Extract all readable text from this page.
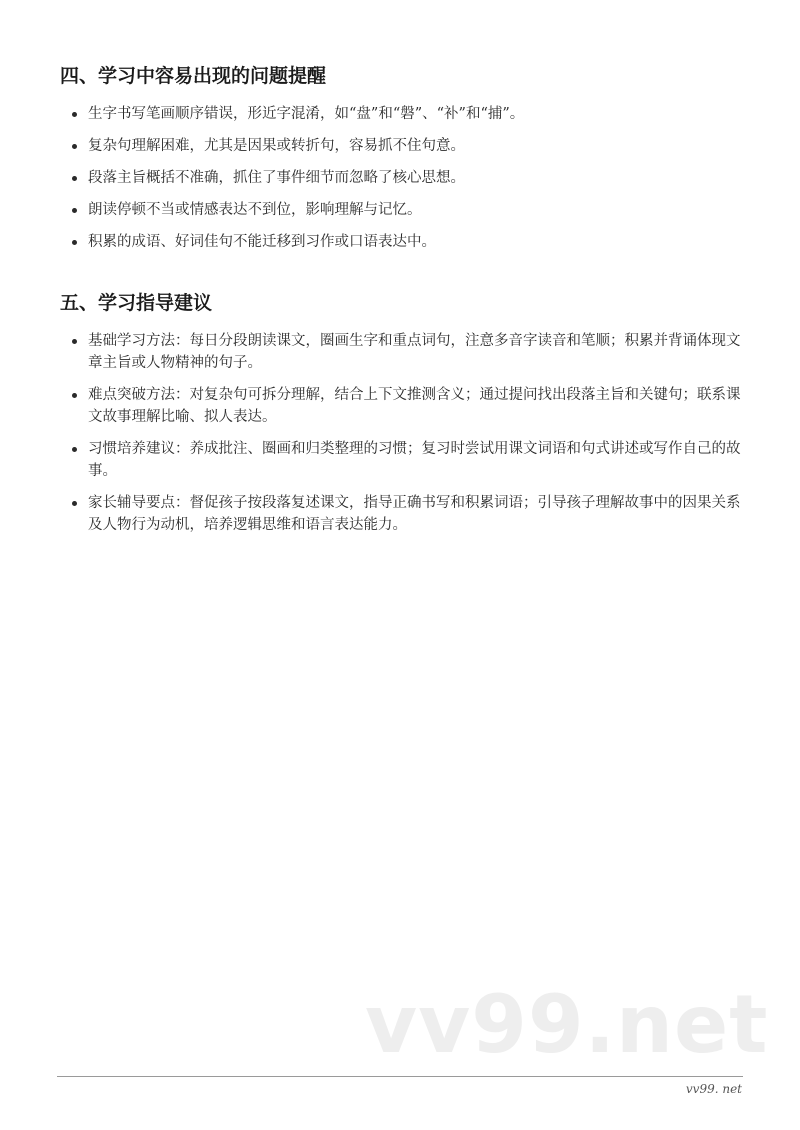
四、学习中容易出现的问题提醒
生字书写笔画顺序错误，形近字混淆，如“盘”和“磐”、“补”和“捕”。
复杂句理解困难，尤其是因果或转折句，容易抓不住句意。
段落主旨概括不准确，抓住了事件细节而忽略了核心思想。
朗读停顿不当或情感表达不到位，影响理解与记忆。
积累的成语、好词佳句不能迁移到习作或口语表达中。
五、学习指导建议
基础学习方法：每日分段朗读课文，圈画生字和重点词句，注意多音字读音和笔顺；积累并背诵体现文章主旨或人物精神的句子。
难点突破方法：对复杂句可拆分理解，结合上下文推测含义；通过提问找出段落主旨和关键句；联系课文故事理解比喻、拟人表达。
习惯培养建议：养成批注、圈画和归类整理的习惯；复习时尝试用课文词语和句式讲述或写作自己的故事。
家长辅导要点：督促孩子按段落复述课文，指导正确书写和积累词语；引导孩子理解故事中的因果关系及人物行为动机，培养逻辑思维和语言表达能力。
vv99.net
vv99. net
